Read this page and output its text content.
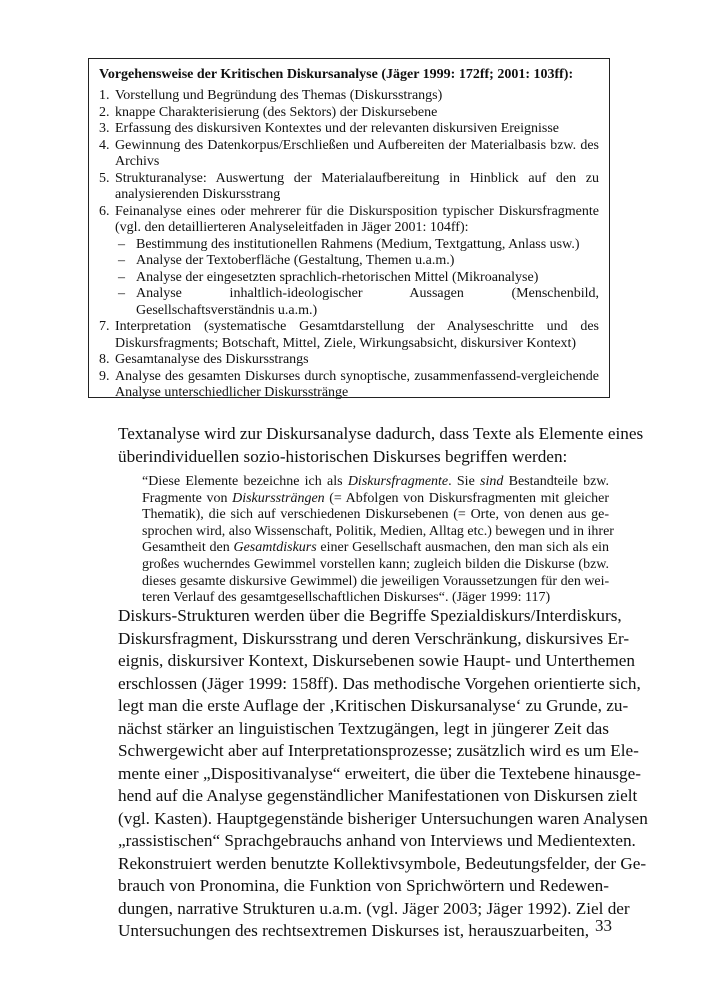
Vorgehensweise der Kritischen Diskursanalyse (Jäger 1999: 172ff; 2001: 103ff):

1. Vorstellung und Begründung des Themas (Diskursstrangs)
2. knappe Charakterisierung (des Sektors) der Diskursebene
3. Erfassung des diskursiven Kontextes und der relevanten diskursiven Ereignisse
4. Gewinnung des Datenkorpus/Erschließen und Aufbereiten der Materialbasis bzw. des Archivs
5. Strukturanalyse: Auswertung der Materialaufbereitung in Hinblick auf den zu analysierenden Diskursstrang
6. Feinanalyse eines oder mehrerer für die Diskursposition typischer Diskursfragmente (vgl. den detaillierteren Analyseleitfaden in Jäger 2001: 104ff):
– Bestimmung des institutionellen Rahmens (Medium, Textgattung, Anlass usw.)
– Analyse der Textoberfläche (Gestaltung, Themen u.a.m.)
– Analyse der eingesetzten sprachlich-rhetorischen Mittel (Mikroanalyse)
– Analyse inhaltlich-ideologischer Aussagen (Menschenbild, Gesellschaftsverständnis u.a.m.)
7. Interpretation (systematische Gesamtdarstellung der Analyseschritte und des Diskursfragments; Botschaft, Mittel, Ziele, Wirkungsabsicht, diskursiver Kontext)
8. Gesamtanalyse des Diskursstrangs
9. Analyse des gesamten Diskurses durch synoptische, zusammenfassend-vergleichende Analyse unterschiedlicher Diskursstränge
Textanalyse wird zur Diskursanalyse dadurch, dass Texte als Elemente eines
überindividuellen sozio-historischen Diskurses begriffen werden:
“Diese Elemente bezeichne ich als Diskursfragmente. Sie sind Bestandteile bzw.
Fragmente von Diskurssträngen (= Abfolgen von Diskursfragmenten mit gleicher
Thematik), die sich auf verschiedenen Diskursebenen (= Orte, von denen aus ge-
sprochen wird, also Wissenschaft, Politik, Medien, Alltag etc.) bewegen und in ihrer
Gesamtheit den Gesamtdiskurs einer Gesellschaft ausmachen, den man sich als ein
großes wucherndes Gewimmel vorstellen kann; zugleich bilden die Diskurse (bzw.
dieses gesamte diskursive Gewimmel) die jeweiligen Voraussetzungen für den wei-
teren Verlauf des gesamtgesellschaftlichen Diskurses“. (Jäger 1999: 117)
Diskurs-Strukturen werden über die Begriffe Spezialdiskurs/Interdiskurs,
Diskursfragment, Diskursstrang und deren Verschränkung, diskursives Er-
eignis, diskursiver Kontext, Diskursebenen sowie Haupt- und Unterthemen
erschlossen (Jäger 1999: 158ff). Das methodische Vorgehen orientierte sich,
legt man die erste Auflage der ‚Kritischen Diskursanalyse‘ zu Grunde, zu-
nächst stärker an linguistischen Textzugängen, legt in jüngerer Zeit das
Schwergewicht aber auf Interpretationsprozesse; zusätzlich wird es um Ele-
mente einer „Dispositivanalyse“ erweitert, die über die Textebene hinausge-
hend auf die Analyse gegenständlicher Manifestationen von Diskursen zielt
(vgl. Kasten). Hauptgegenstände bisheriger Untersuchungen waren Analysen
„rassistischen“ Sprachgebrauchs anhand von Interviews und Medientexten.
Rekonstruiert werden benutzte Kollektivsymbole, Bedeutungsfelder, der Ge-
brauch von Pronomina, die Funktion von Sprichwörtern und Redewen-
dungen, narrative Strukturen u.a.m. (vgl. Jäger 2003; Jäger 1992). Ziel der
Untersuchungen des rechtsextremen Diskurses ist, herauszuarbeiten, 33
